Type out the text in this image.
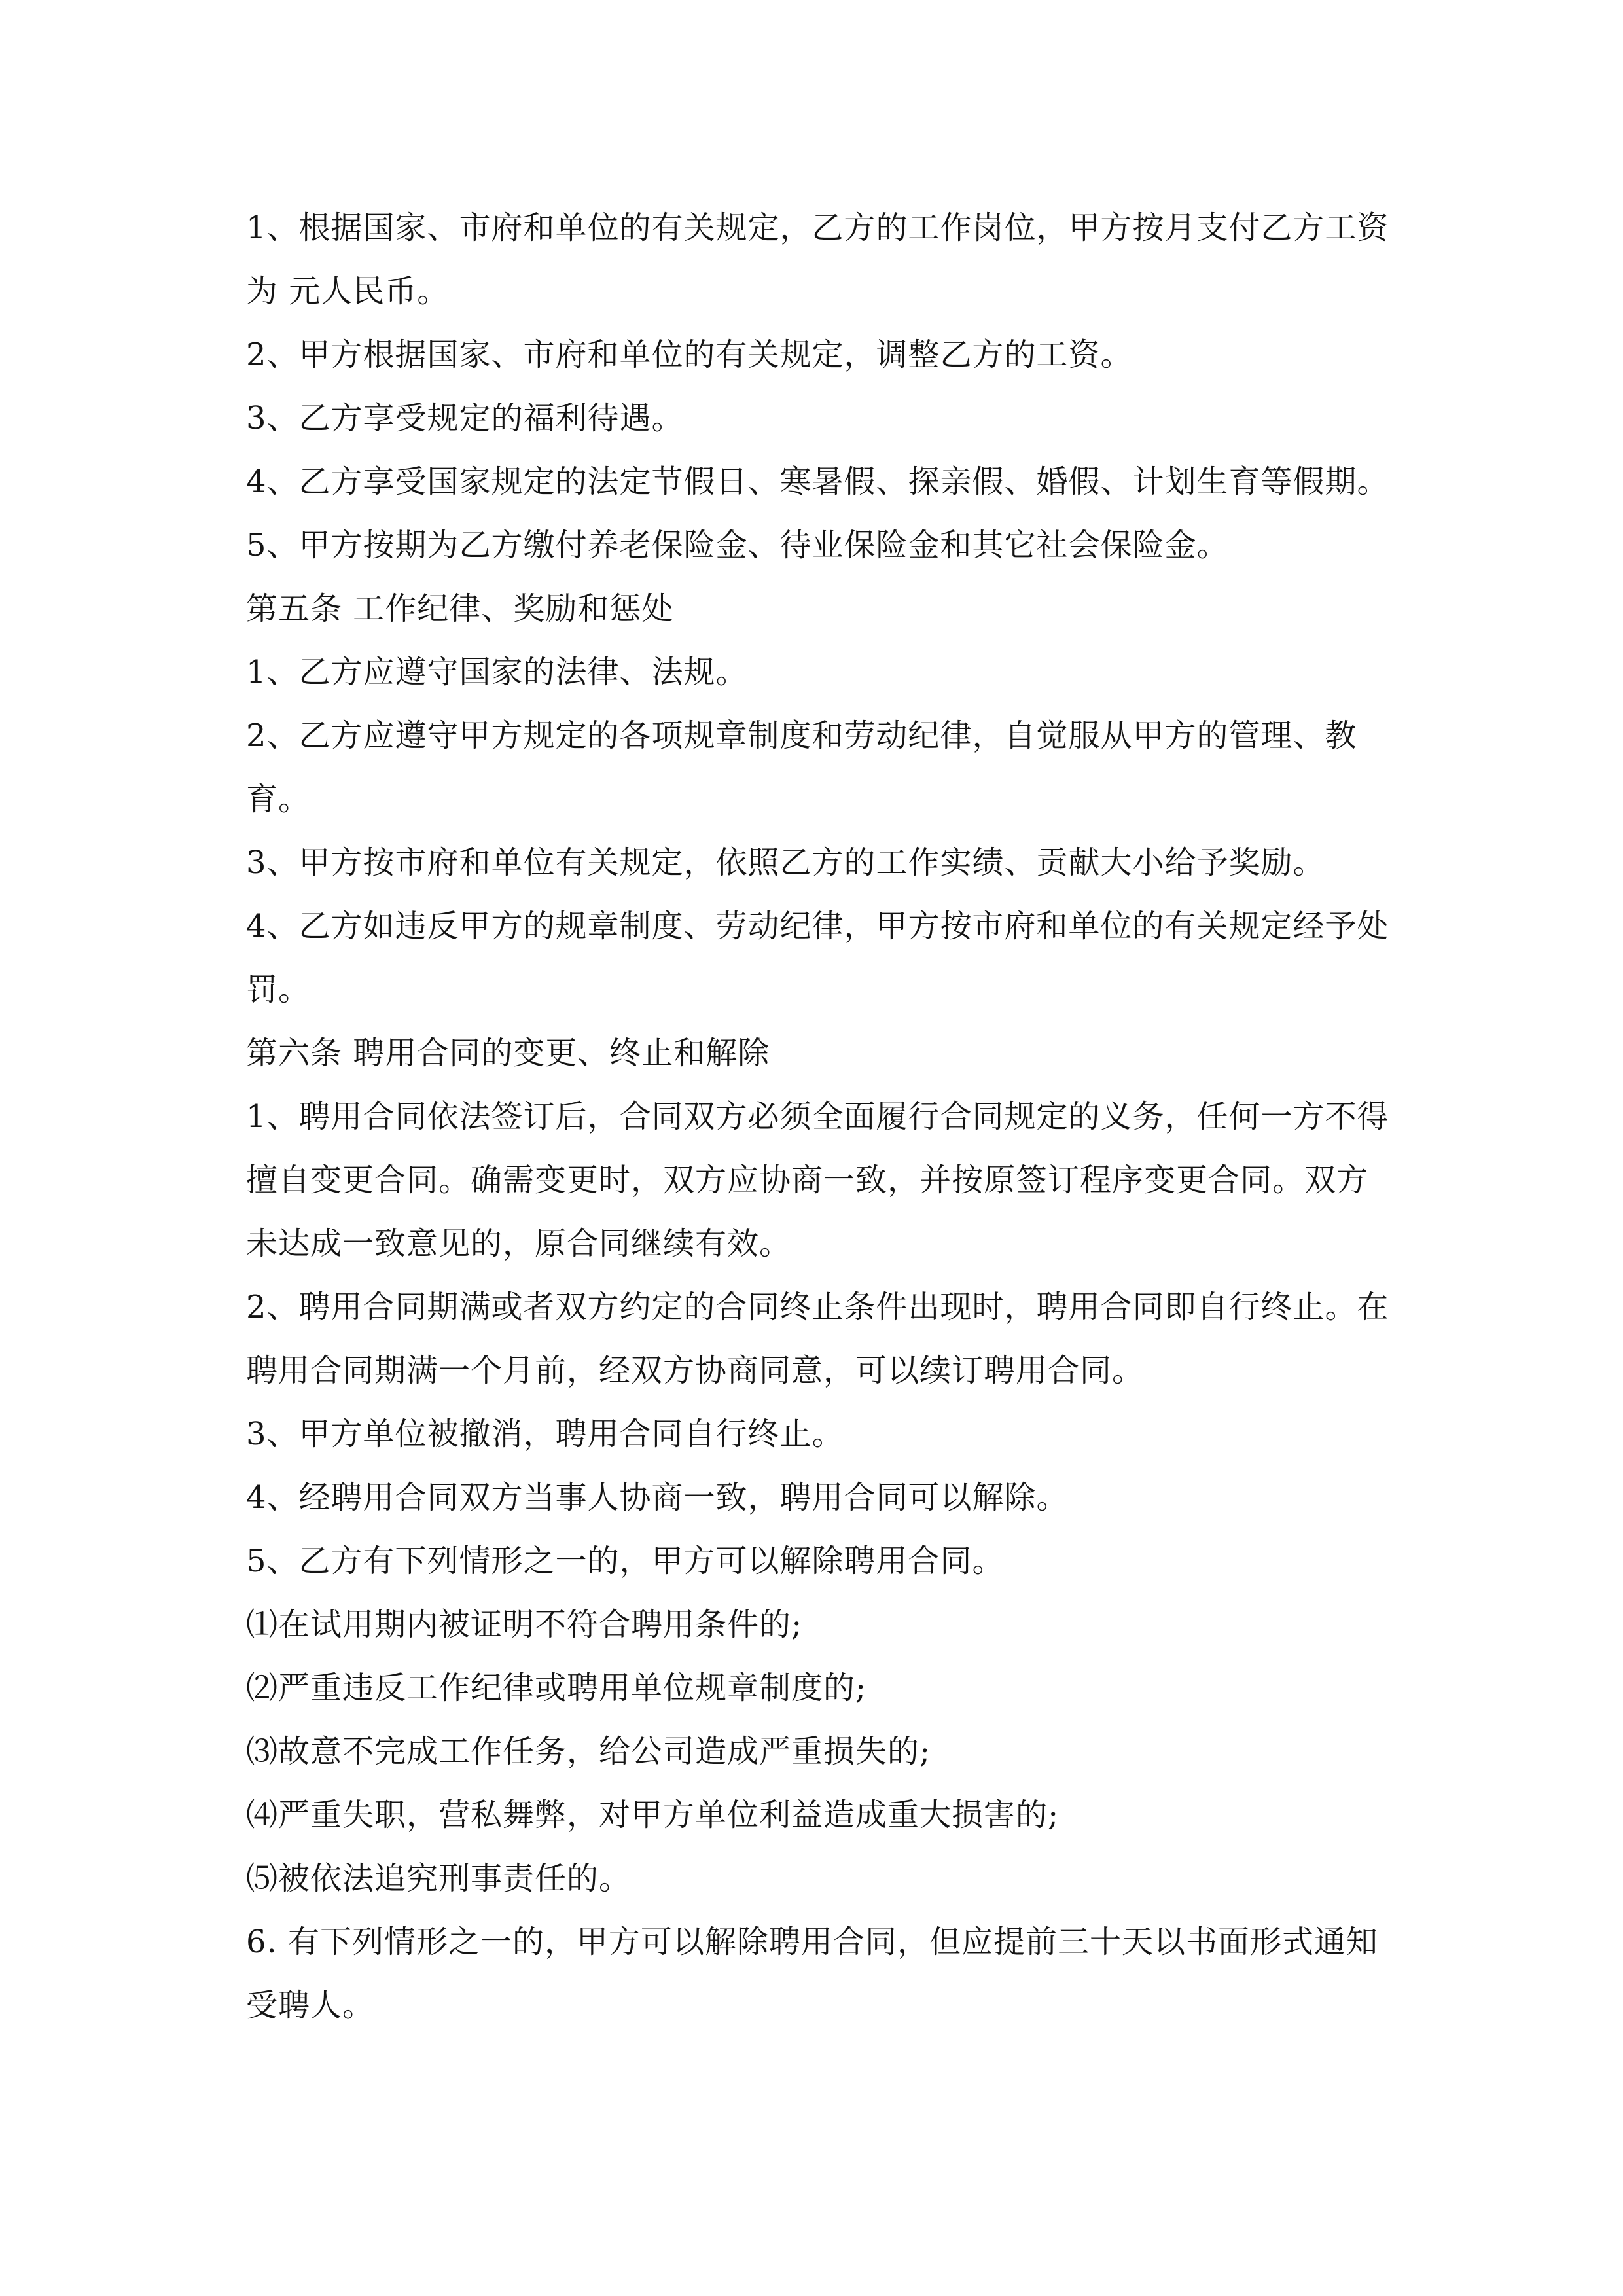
1、根据国家、市府和单位的有关规定，乙方的工作岗位，甲方按月支付乙方工资为 元人民币。

2、甲方根据国家、市府和单位的有关规定，调整乙方的工资。

3、乙方享受规定的福利待遇。

4、乙方享受国家规定的法定节假日、寒暑假、探亲假、婚假、计划生育等假期。

5、甲方按期为乙方缴付养老保险金、待业保险金和其它社会保险金。

第五条 工作纪律、奖励和惩处

1、乙方应遵守国家的法律、法规。

2、乙方应遵守甲方规定的各项规章制度和劳动纪律，自觉服从甲方的管理、教育。

3、甲方按市府和单位有关规定，依照乙方的工作实绩、贡献大小给予奖励。

4、乙方如违反甲方的规章制度、劳动纪律，甲方按市府和单位的有关规定经予处罚。

第六条 聘用合同的变更、终止和解除

1、聘用合同依法签订后，合同双方必须全面履行合同规定的义务，任何一方不得擅自变更合同。确需变更时，双方应协商一致，并按原签订程序变更合同。双方未达成一致意见的，原合同继续有效。

2、聘用合同期满或者双方约定的合同终止条件出现时，聘用合同即自行终止。在聘用合同期满一个月前，经双方协商同意，可以续订聘用合同。

3、甲方单位被撤消，聘用合同自行终止。

4、经聘用合同双方当事人协商一致，聘用合同可以解除。

5、乙方有下列情形之一的，甲方可以解除聘用合同。

⑴在试用期内被证明不符合聘用条件的;

⑵严重违反工作纪律或聘用单位规章制度的;

⑶故意不完成工作任务，给公司造成严重损失的;

⑷严重失职，营私舞弊，对甲方单位利益造成重大损害的;

⑸被依法追究刑事责任的。

6. 有下列情形之一的，甲方可以解除聘用合同，但应提前三十天以书面形式通知受聘人。
